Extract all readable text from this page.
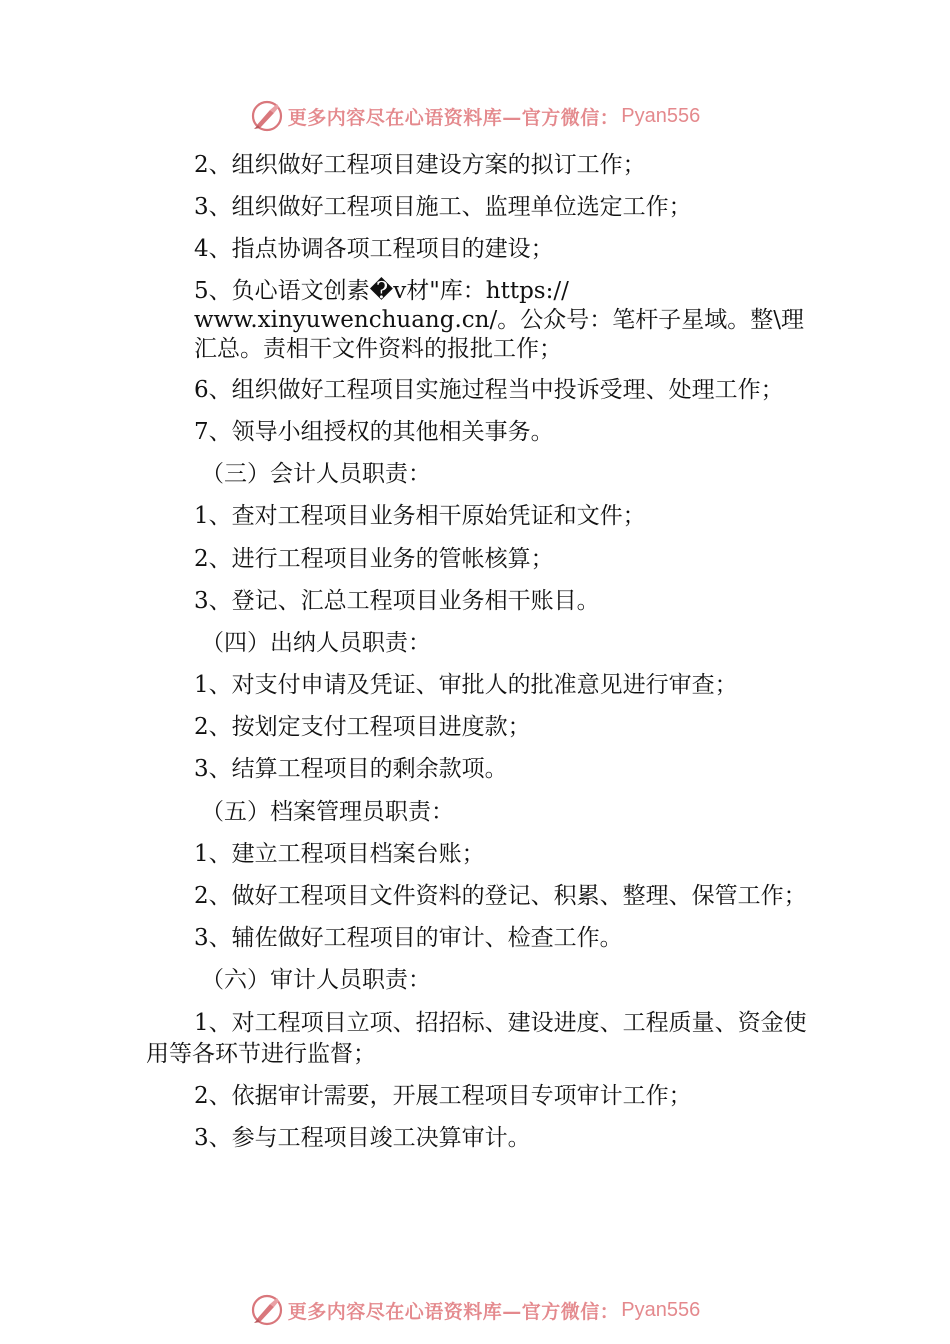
更多内容尽在心语资料库—官方微信： Pyan556

2、组织做好工程项目建设方案的拟订工作；

3、组织做好工程项目施工、监理单位选定工作；

4、指点协调各项工程项目的建设；

5、负心语文创素�v材"库：https://
www.xinyuwenchuang.cn/。公众号：笔杆子星域。整\理汇总。责相干文件资料的报批工作；

6、组织做好工程项目实施过程当中投诉受理、处理工作；

7、领导小组授权的其他相关事务。

（三）会计人员职责：

1、查对工程项目业务相干原始凭证和文件；

2、进行工程项目业务的管帐核算；

3、登记、汇总工程项目业务相干账目。

（四）出纳人员职责：

1、对支付申请及凭证、审批人的批准意见进行审查；

2、按划定支付工程项目进度款；

3、结算工程项目的剩余款项。

（五）档案管理员职责：

1、建立工程项目档案台账；

2、做好工程项目文件资料的登记、积累、整理、保管工作；

3、辅佐做好工程项目的审计、检查工作。

（六）审计人员职责：

1、对工程项目立项、招招标、建设进度、工程质量、资金使用等各环节进行监督；

2、依据审计需要，开展工程项目专项审计工作；

3、参与工程项目竣工决算审计。

更多内容尽在心语资料库—官方微信： Pyan556
